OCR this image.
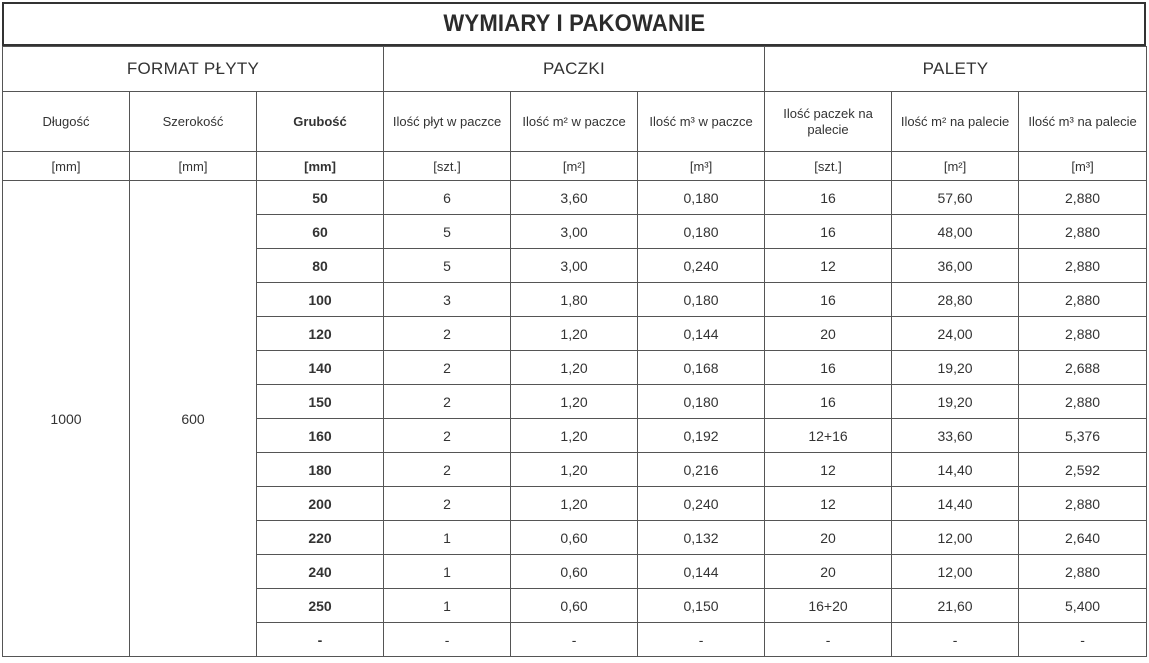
WYMIARY I PAKOWANIE
FORMAT PŁYTY			PACZKI			PALETY		
Długość	Szerokość	Grubość	Ilość płyt w paczce	Ilość m² w paczce	Ilość m³ w paczce	Ilość paczek na palecie	Ilość m² na palecie	Ilość m³ na palecie
[mm]	[mm]	[mm]	[szt.]	[m²]	[m³]	[szt.]	[m²]	[m³]
1000	600	50	6	3,60	0,180	16	57,60	2,880
		60	5	3,00	0,180	16	48,00	2,880
		80	5	3,00	0,240	12	36,00	2,880
		100	3	1,80	0,180	16	28,80	2,880
		120	2	1,20	0,144	20	24,00	2,880
		140	2	1,20	0,168	16	19,20	2,688
		150	2	1,20	0,180	16	19,20	2,880
		160	2	1,20	0,192	12+16	33,60	5,376
		180	2	1,20	0,216	12	14,40	2,592
		200	2	1,20	0,240	12	14,40	2,880
		220	1	0,60	0,132	20	12,00	2,640
		240	1	0,60	0,144	20	12,00	2,880
		250	1	0,60	0,150	16+20	21,60	5,400
		-	-	-	-	-	-	-
